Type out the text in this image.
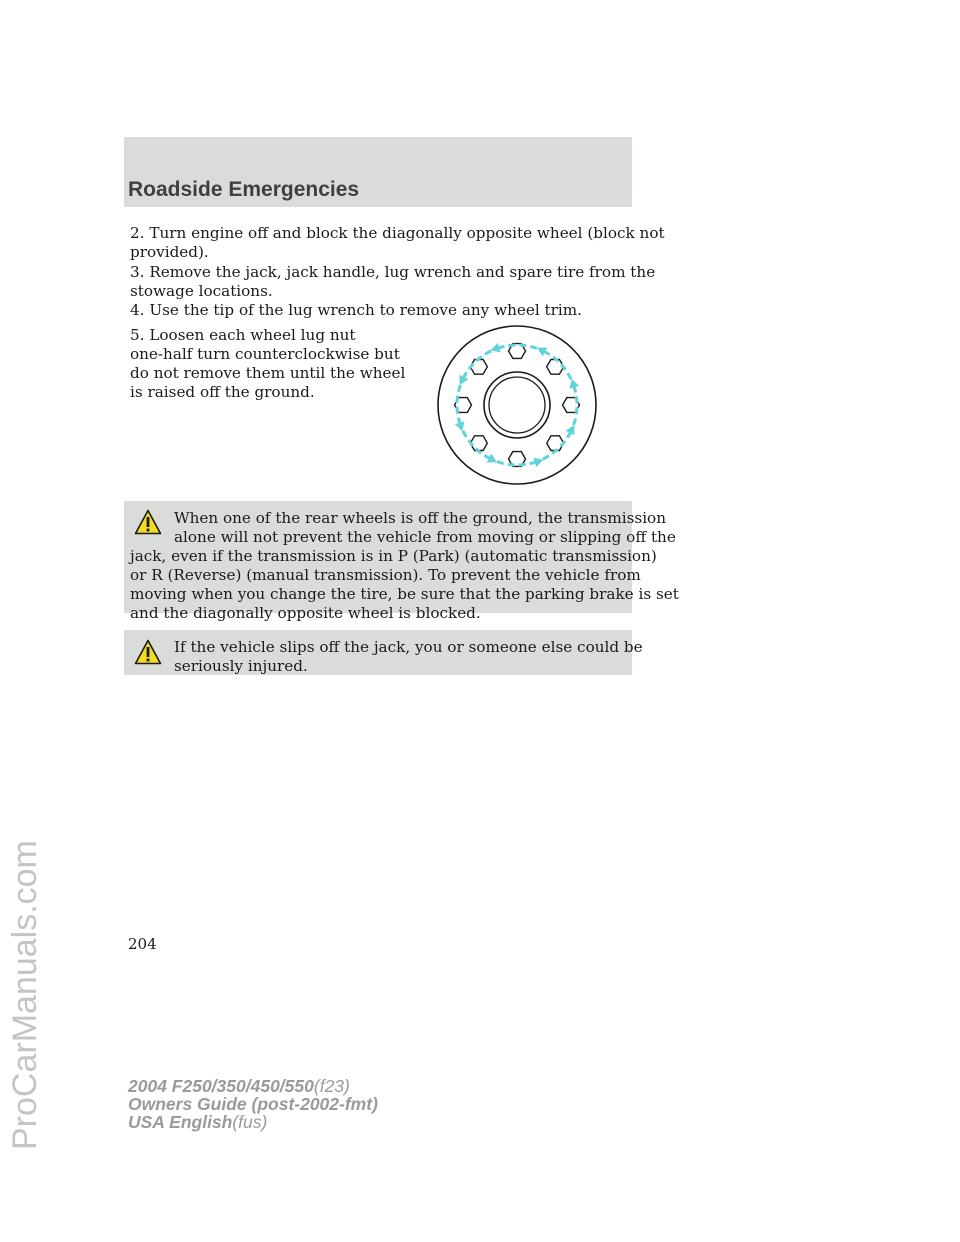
Roadside Emergencies

2. Turn engine off and block the diagonally opposite wheel (block not
provided).

3. Remove the jack, jack handle, lug wrench and spare tire from the
stowage locations.

4. Use the tip of the lug wrench to remove any wheel trim.

5. Loosen each wheel lug nut
one-half turn counterclockwise but
do not remove them until the wheel
is raised off the ground.

When one of the rear wheels is off the ground, the transmission
alone will not prevent the vehicle from moving or slipping off the
jack, even if the transmission is in P (Park) (automatic transmission)
or R (Reverse) (manual transmission). To prevent the vehicle from
moving when you change the tire, be sure that the parking brake is set
and the diagonally opposite wheel is blocked.

If the vehicle slips off the jack, you or someone else could be
seriously injured.

204

2004 F250/350/450/550(f23)
Owners Guide (post-2002-fmt)
USA English(fus)

ProCarManuals.com
